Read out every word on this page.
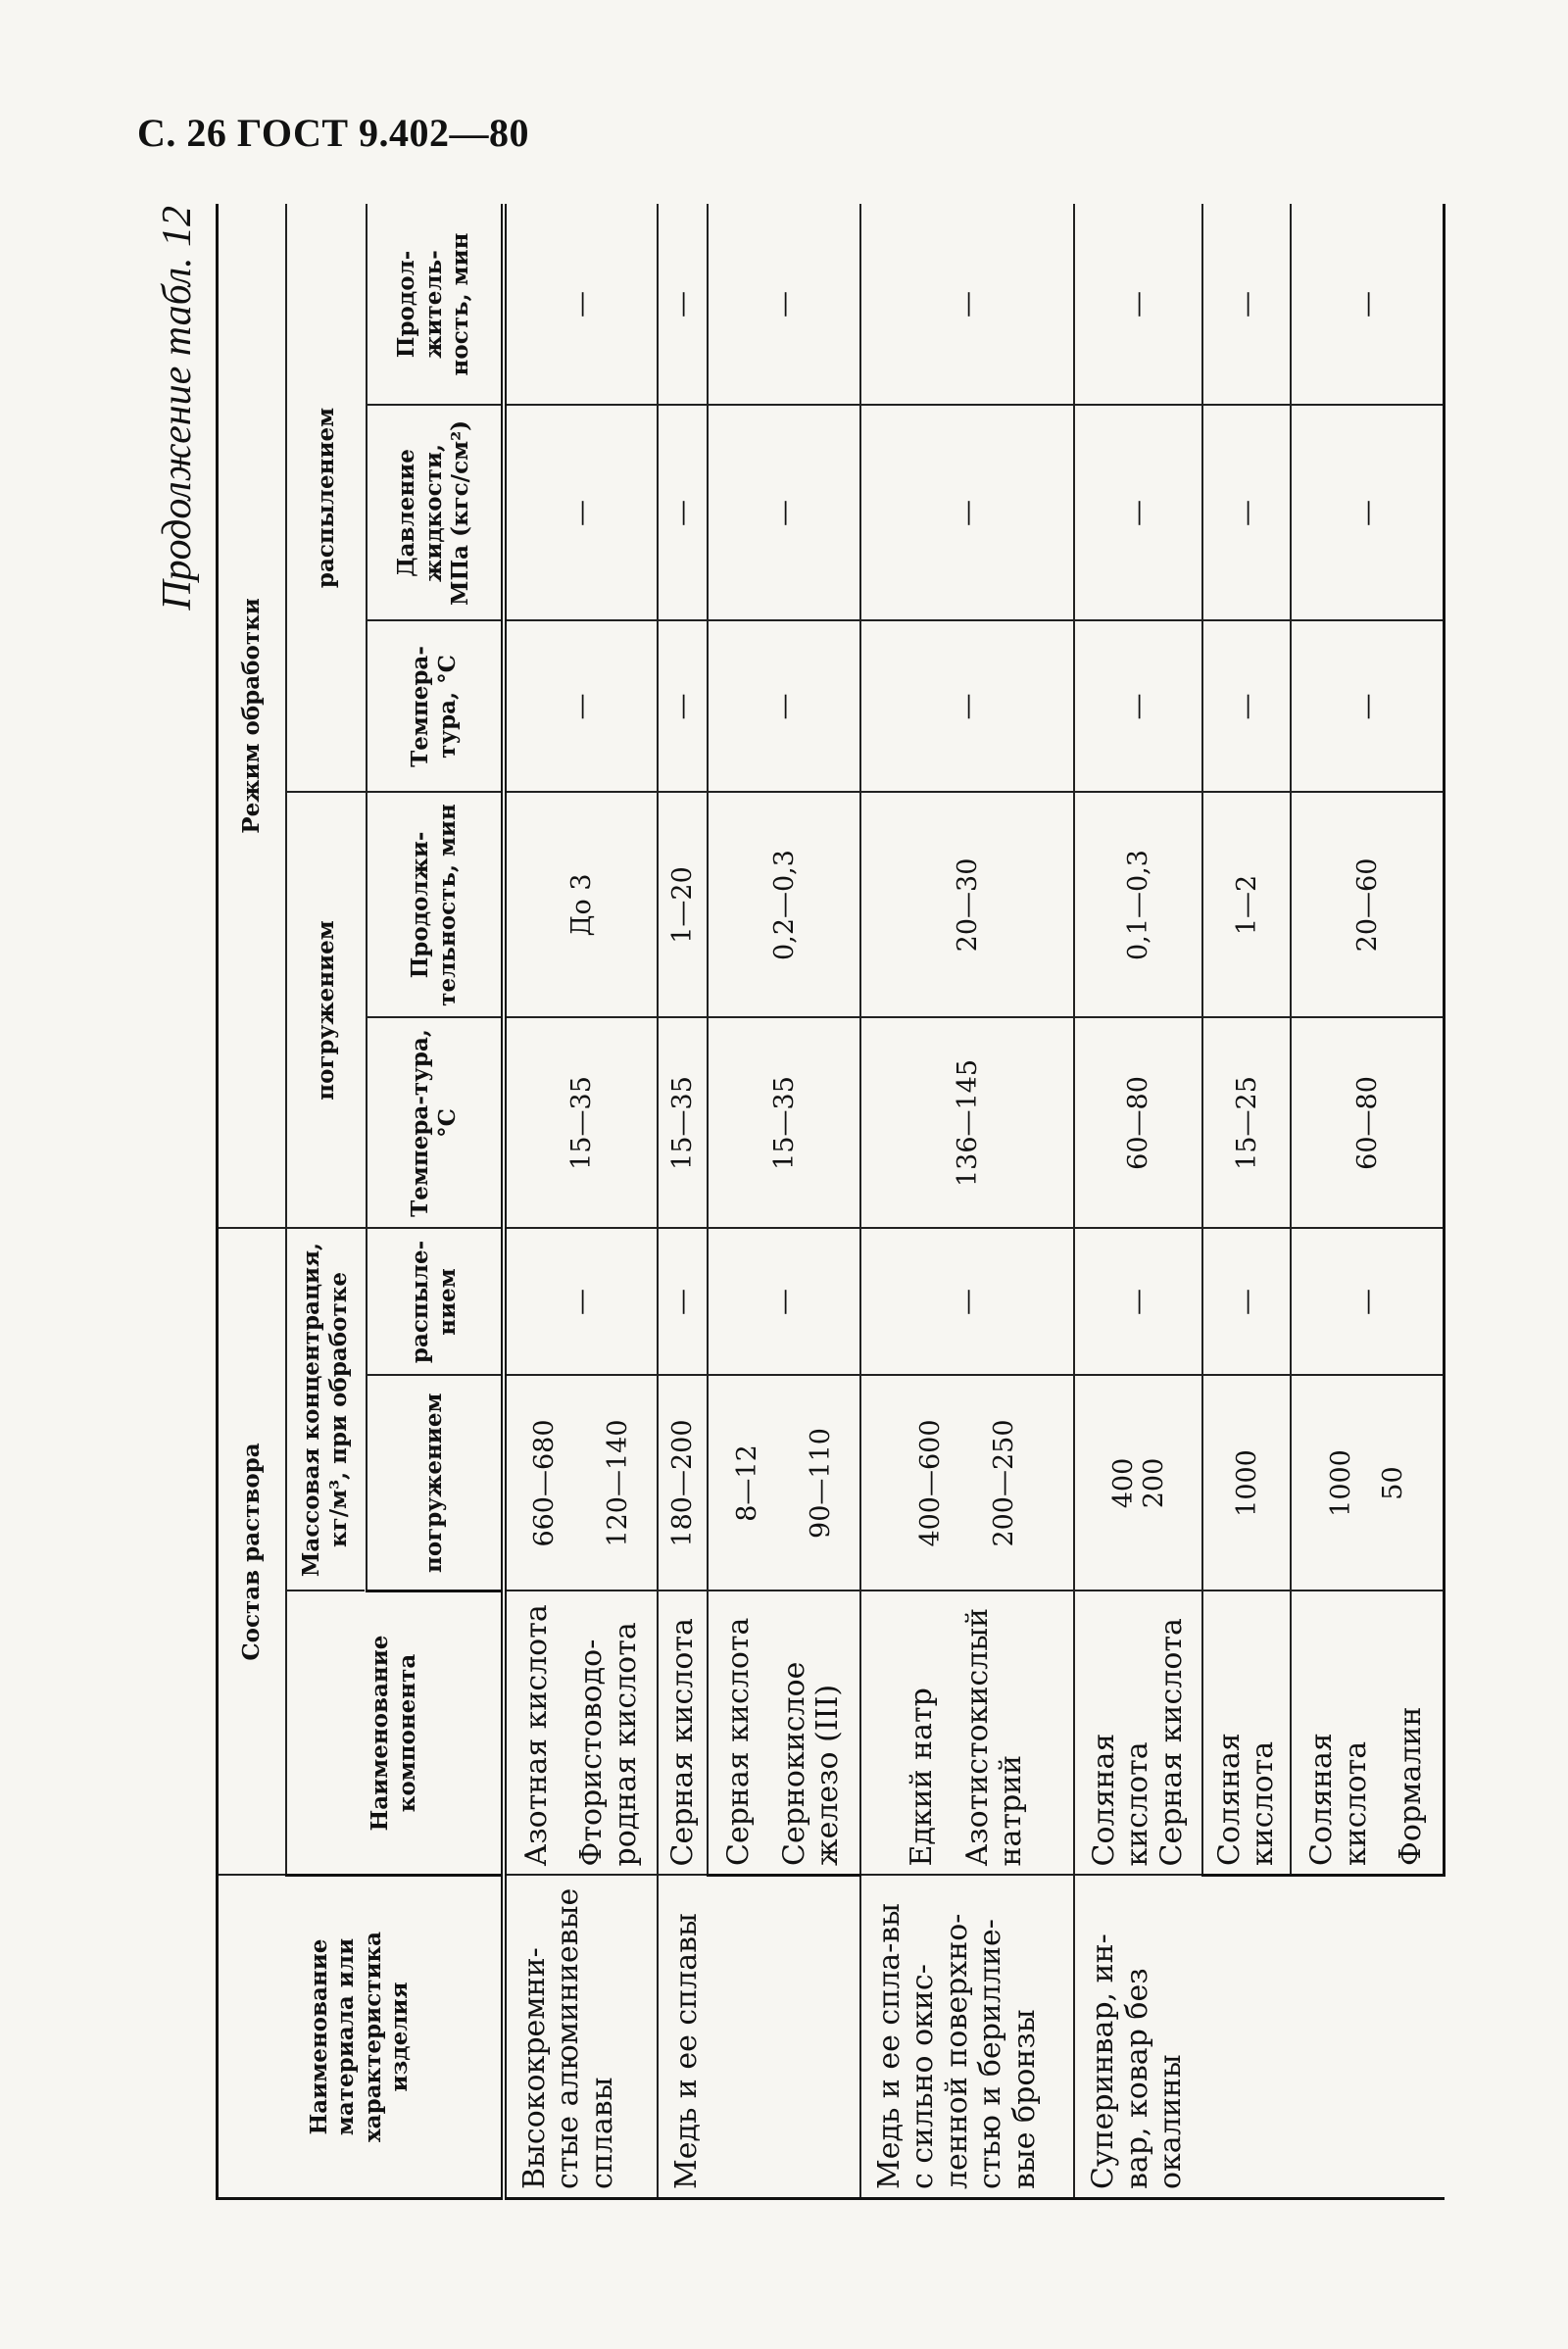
С. 26 ГОСТ 9.402—80
Продолжение табл. 12
Наименование материала или характеристика изделия	Состав раствора			Режим обработки				
	Наименование компонента	Массовая концентрация, кг/м³, при обработке		погружением		распылением		

		погружением	распыле-нием	Темпера-тура, °С	Продолжи-тельность, мин	Темпера-тура, °С	Давление жидкости, МПа (кгс/см²)	Продол-житель-ность, мин
Высококремни-стые алюминиевые сплавы	Азотная кислота Фтористоводо-родная кислота	660—680 120—140	—	15—35	До 3	—	—	—
Медь и ее сплавы	Серная кислота	180—200	—	15—35	1—20	—	—	—

	Серная кислота Сернокислое железо (III)	8—12 90—110	—	15—35	0,2—0,3	—	—	—
Медь и ее спла-вы с сильно окис-ленной поверхно-стью и бериллие-вые бронзы	Едкий натр Азотистокислый натрий	400—600 200—250	—	136—145	20—30	—	—	—
Суперинвар, ин-вар, ковар без окалины	Соляная кислота Серная кислота	400 200	—	60—80	0,1—0,3	—	—	—

	Соляная кислота	1000	—	15—25	1—2	—	—	—

	Соляная кислота Формалин	1000 50	—	60—80	20—60	—	—	—
